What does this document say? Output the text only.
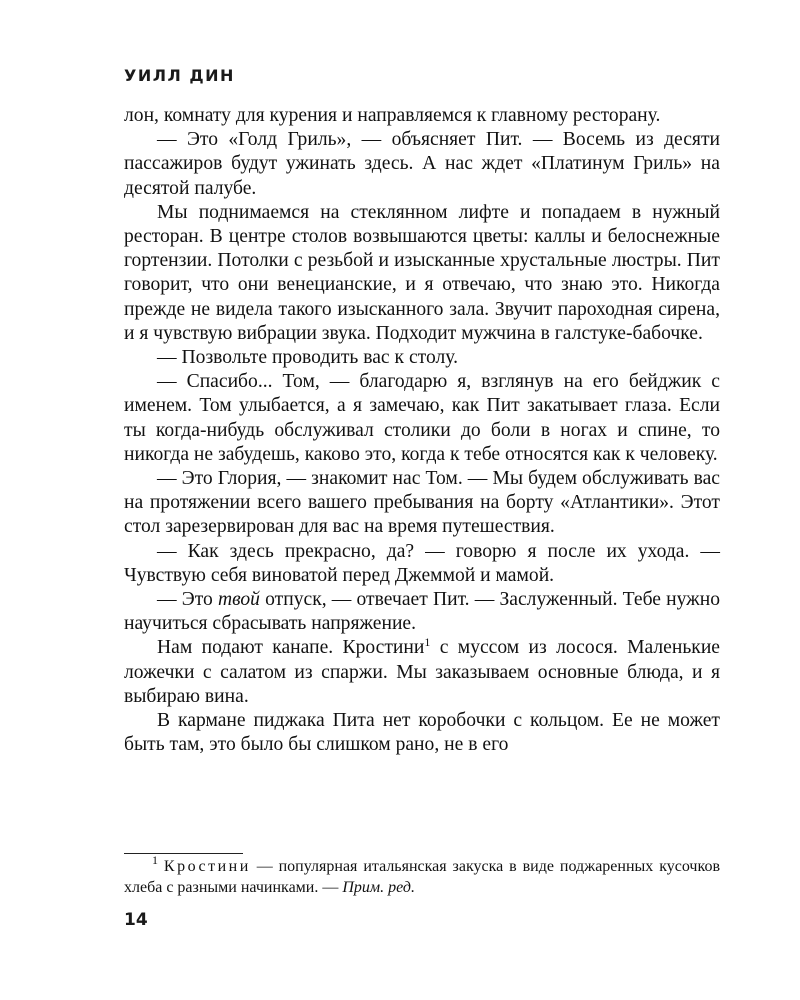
УИЛЛ ДИН

лон, комнату для курения и направляемся к главному ресторану.

— Это «Голд Гриль», — объясняет Пит. — Восемь из десяти пассажиров будут ужинать здесь. А нас ждет «Платинум Гриль» на десятой палубе.

Мы поднимаемся на стеклянном лифте и попадаем в нужный ресторан. В центре столов возвышаются цветы: каллы и белоснежные гортензии. Потолки с резьбой и изысканные хрустальные люстры. Пит говорит, что они венецианские, и я отвечаю, что знаю это. Никогда прежде не видела такого изысканного зала. Звучит пароходная сирена, и я чувствую вибрации звука. Подходит мужчина в галстуке-бабочке.

— Позвольте проводить вас к столу.

— Спасибо... Том, — благодарю я, взглянув на его бейджик с именем. Том улыбается, а я замечаю, как Пит закатывает глаза. Если ты когда-нибудь обслуживал столики до боли в ногах и спине, то никогда не забудешь, каково это, когда к тебе относятся как к человеку.

— Это Глория, — знакомит нас Том. — Мы будем обслуживать вас на протяжении всего вашего пребывания на борту «Атлантики». Этот стол зарезервирован для вас на время путешествия.

— Как здесь прекрасно, да? — говорю я после их ухода. — Чувствую себя виноватой перед Джеммой и мамой.

— Это твой отпуск, — отвечает Пит. — Заслуженный. Тебе нужно научиться сбрасывать напряжение.

Нам подают канапе. Кростини$^1$ с муссом из лосося. Маленькие ложечки с салатом из спаржи. Мы заказываем основные блюда, и я выбираю вина.

В кармане пиджака Пита нет коробочки с кольцом. Ее не может быть там, это было бы слишком рано, не в его

$^1$ Кростини — популярная итальянская закуска в виде поджаренных кусочков хлеба с разными начинками. — Прим. ред.
14
